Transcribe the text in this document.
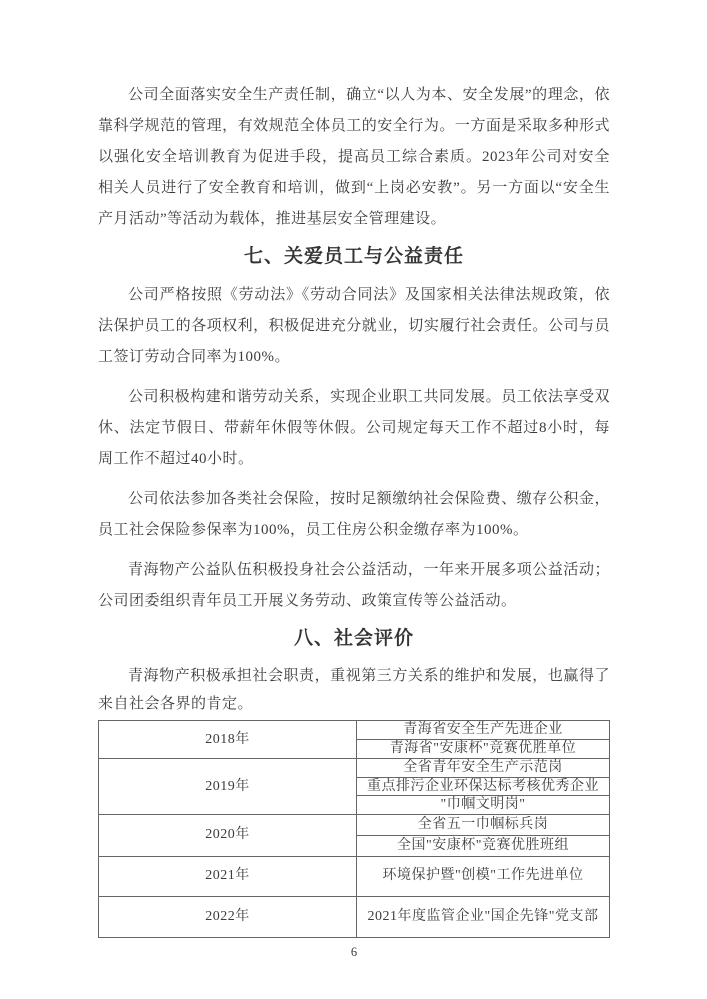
公司全面落实安全生产责任制，确立“以人为本、安全发展”的理念，依靠科学规范的管理，有效规范全体员工的安全行为。一方面是采取多种形式以强化安全培训教育为促进手段，提高员工综合素质。2023年公司对安全相关人员进行了安全教育和培训，做到“上岗必安教”。另一方面以“安全生产月活动”等活动为载体，推进基层安全管理建设。

七、关爱员工与公益责任

公司严格按照《劳动法》《劳动合同法》及国家相关法律法规政策，依法保护员工的各项权利，积极促进充分就业，切实履行社会责任。公司与员工签订劳动合同率为100%。

公司积极构建和谐劳动关系，实现企业职工共同发展。员工依法享受双休、法定节假日、带薪年休假等休假。公司规定每天工作不超过8小时，每周工作不超过40小时。

公司依法参加各类社会保险，按时足额缴纳社会保险费、缴存公积金，员工社会保险参保率为100%，员工住房公积金缴存率为100%。

青海物产公益队伍积极投身社会公益活动，一年来开展多项公益活动；公司团委组织青年员工开展义务劳动、政策宣传等公益活动。

八、社会评价

青海物产积极承担社会职责，重视第三方关系的维护和发展，也赢得了来自社会各界的肯定。

2018年	青海省安全生产先进企业
	青海省"安康杯"竞赛优胜单位
2019年	全省青年安全生产示范岗
	重点排污企业环保达标考核优秀企业
	"巾帼文明岗"
2020年	全省五一巾帼标兵岗
	全国"安康杯"竞赛优胜班组
2021年	环境保护暨"创模"工作先进单位
2022年	2021年度监管企业"国企先锋"党支部
6
